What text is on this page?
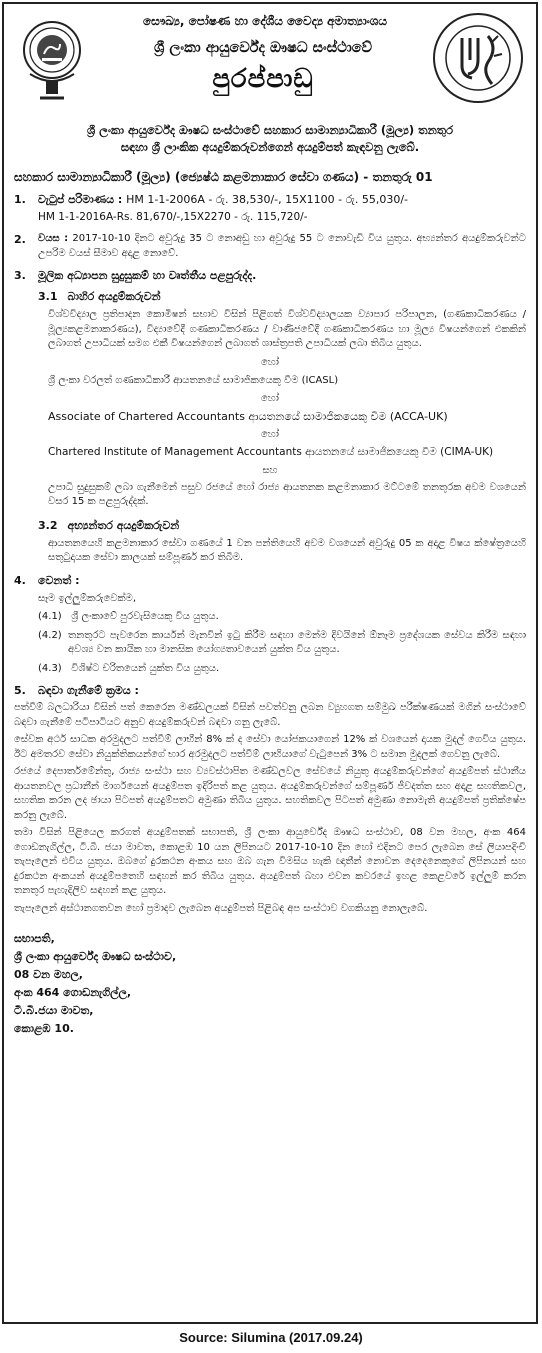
සෞඛ්‍ය, පෝෂණ හා දේශීය වෛද්‍ය අමාත්‍යාංශය
ශ්‍රී ලංකා ආයුර්වේද ඖෂධ සංස්ථාවේ
පුරප්පාඩු
ශ්‍රී ලංකා ආයුර්වේද ඖෂධ සංස්ථාවේ සහකාර සාමාන්‍යාධිකාරී (මූල්‍ය) තනතුර
සඳහා ශ්‍රී ලාංකික අයදුම්කරුවන්ගෙන් අයදුම්පත් කැඳවනු ලැබේ.
සහකාර සාමාන්‍යාධිකාරී (මූල්‍ය) (ජ්‍යෙෂ්ඨ කළමනාකාර සේවා ගණය) - තනතුරු 01
1.	වැටුප් පරිමාණය : HM 1-1-2006A - රු. 38,530/-, 15X1100 - රු. 55,030/-
HM 1-1-2016A-Rs. 81,670/-,15X2270 - රු. 115,720/-
2.	වයස : 2017-10-10 දිනට අවුරුදු 35 ට නොඅඩු හා අවුරුදු 55 ට නොවැඩි විය යුතුය. අභ්‍යන්තර අයදුම්කරුවන්ට උපරිම වයස් සීමාව අදාළ නොවේ.
3.	මූලික අධ්‍යාපන සුදුසුකම් හා වෘත්තීය පළපුරුද්ද.
3.1 බාහිර අයදුම්කරුවන්
විශ්වවිද්‍යාල ප්‍රතිපාදන කොමිෂන් සභාව විසින් පිළිගත් විශ්වවිද්‍යාලයක ව්‍යාපාර පරිපාලන, (ගණකාධිකරණය / මූල්‍යකළමනාකරණය), විද්‍යාවේදී ගණකාධිකරණය / වාණිජවේදී ගණකාධිකරණය හා මූල්‍ය විෂයන්ගෙන් එකකින් ලබාගත් උපාධියක් සමග එකී විෂයන්ගෙන් ලබාගත් ශාස්ත්‍රපති උපාධියක් ලබා තිබිය යුතුය.
හෝ
ශ්‍රී ලංකා වරලත් ගණකාධිකාරී ආයතනයේ සාමාජිකයෙකු වීම (ICASL)
හෝ
Associate of Chartered Accountants ආයතනයේ සාමාජිකයෙකු වීම (ACCA-UK)
හෝ
Chartered Institute of Management Accountants ආයතනයේ සාමාජිකයෙකු වීම (CIMA-UK)
සහ
උපාධි සුදුසුකම් ලබා ගැනීමෙන් පසුව රජයේ හෝ රාජ්‍ය ආයතනක කළමනාකාර මට්ටමේ තනතුරක අවම වශයෙන් වසර 15 ක පළපුරුද්දක්.
3.2 අභ්‍යන්තර අයදුම්කරුවන්
ආයතනයෙහි කළමනාකාර සේවා ගණයේ 1 වන පන්තියෙහි අවම වශයෙන් අවුරුදු 05 ක අදාළ විෂය ක්ෂේත්‍රයෙහි සතුටුදායක සේවා කාලයක් සම්පූර්ණ කර තිබීම.
4.	වෙනත් :
සෑම ඉල්ලුම්කරුවෙක්ම,
(4.1) ශ්‍රී ලංකාවේ පුරවැසියෙකු විය යුතුය.
(4.2) තනතුරට පැවරෙන කාර්යන් මැනවින් ඉටු කිරීම සඳහා මෙන්ම දිවයිනේ ඕනෑම ප්‍රදේශයක සේවය කිරීම සඳහා අවශ්‍ය වන කායික හා මානසික යෝග්‍යතාවයෙන් යුක්ත විය යුතුය.
(4.3) විශිෂ්ට චරිතයෙන් යුක්ත විය යුතුය.
5.	බඳවා ගැනීමේ ක්‍රමය :

පත්වීම් බලධාරියා විසින් පත් කෙරෙන මණ්ඩලයක් විසින් පවත්වනු ලබන ව්‍යුහගත සම්මුඛ පරීක්ෂණයක් මගින් සංස්ථාවේ බඳවා ගැනීමේ පටිපාටියට අනුව අයදුම්කරුවන් බඳවා ගනු ලැබේ.

සේවක අර්ථ සාධක අරමුදලට පත්වීම් ලාභීන් 8% ක් ද සේවා යෝජකයාගෙන් 12% ක් වශයෙන් දායක මුදල් ගෙවිය යුතුය. ඊට අමතරව සේවා නියුක්තිකයන්ගේ භාර අරමුදලට පත්වීම් ලාභියාගේ වැටුපෙන් 3% ට සමාන මුදලක් ගෙවනු ලැබේ.

රජයේ දෙපාර්තමේන්තු, රාජ්‍ය සංස්ථා සහ ව්‍යවස්ථාපිත මණ්ඩලවල සේවයේ නියුතු අයදුම්කරුවන්ගේ අයදුම්පත් ස්ථානීය ආයතනවල ප්‍රධානීන් මාර්ගයෙන් අයදුම්පත ඉදිරිපත් කළ යුතුය. අයදුම්කරුවන්ගේ සම්පූර්ණ ජීවදත්ත සහ අදාළ සහතිකවල, සහතික කරන ලද ඡායා පිටපත් අයදුම්පතට අමුණා තිබිය යුතුය. සහතිකවල පිටපත් අමුණා නොමැති අයදුම්පත් ප්‍රතික්ෂේප කරනු ලැබේ.

තමා විසින් පිළියෙල කරගත් අයදුම්පතක් සභාපති, ශ්‍රී ලංකා ආයුර්වේද ඖෂධ සංස්ථාව, 08 වන මහල, අංක 464 ගොඩනැගිල්ල, ටී.බී. ජයා මාවත, කොළඹ 10 යන ලිපිනයට 2017-10-10 දින හෝ එදිනට පෙර ලැබෙන සේ ලියාපදිංචි තැපෑලෙන් එවිය යුතුය. ඔබගේ දුරකථන අංකය සහ ඔබ ගැන විමසිය හැකි ඥාතීන් නොවන දෙදෙනෙකුගේ ලිපිනයන් සහ දුරකථන අංකයන් අයදුම්පතෙහි සඳහන් කර තිබිය යුතුය. අයදුම්පත් බහා එවන කවරයේ ඉහළ කෙළවරේ ඉල්ලුම් කරන තනතුර පැහැදිලිව සඳහන් කළ යුතුය.

තැපෑලෙන් අස්ථානගතවන හෝ ප්‍රමාදව ලැබෙන අයදුම්පත් පිළිබඳ අප සංස්ථාව වගකියනු නොලැබේ.

සභාපති,
ශ්‍රී ලංකා ආයුර්වේද ඖෂධ සංස්ථාව,
08 වන මහල,
අංක 464 ගොඩනැගිල්ල,
ටී.බී.ජයා මාවත,
කොළඹ 10.
Source: Silumina (2017.09.24)
